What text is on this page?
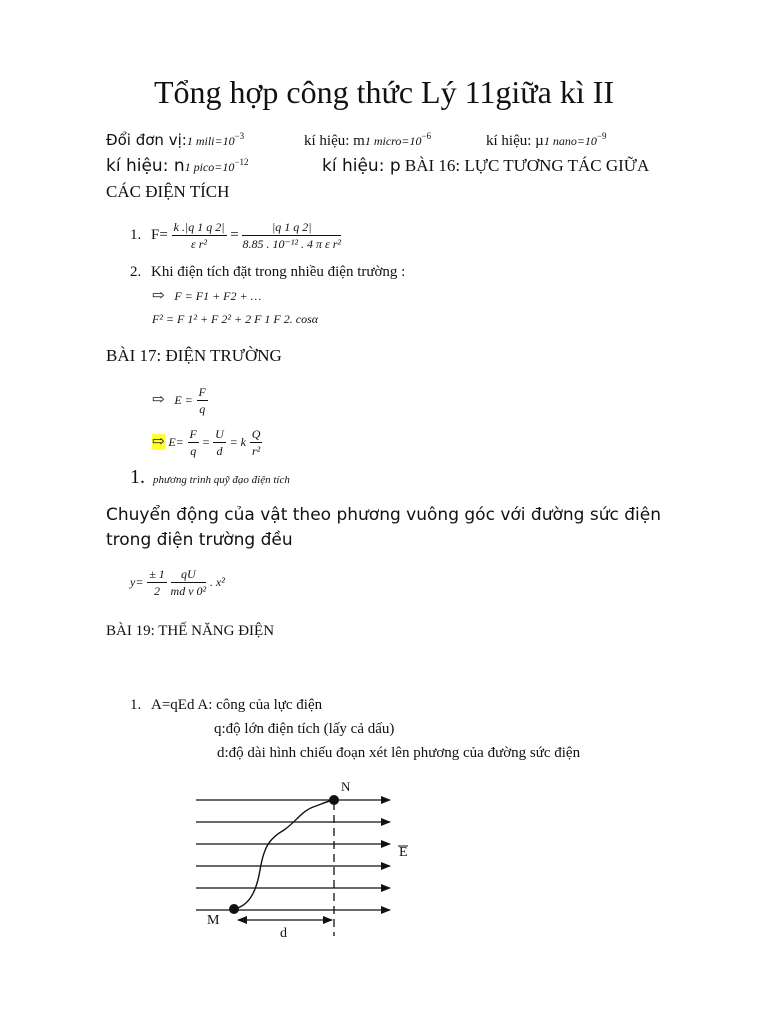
Tổng hợp công thức Lý 11giữa kì II
Đổi đơn vị:1 $mili=10^{-3}$	kí hiệu: m1 $micro=10^{-6}$	kí hiệu: µ1 $nano=10^{-9}$
kí hiệu: n1 $pico=10^{-12}$	kí hiệu: p BÀI 16: LỰC TƯƠNG TÁC GIỮA
CÁC ĐIỆN TÍCH
1. $F= \frac{k .|q 1 q 2|}{\text{ε r²}} = \frac{|q 1 q 2|}{\text{8.85 . 10⁻¹² . 4 π ε r²}}$
2. Khi điện tích đặt trong nhiều điện trường :
⇨ F = F1 + F2 + …
F² = F 1² + F 2² + 2 F 1 F 2. cosα
BÀI 17: ĐIỆN TRƯỜNG
⇨ $E = \frac{F}{q}$
⇨ $E= \frac{F}{q} = \frac{U}{d} = k \frac{Q}{\text{r²}}$
1. phương trình quỹ đạo điện tích
Chuyển động của vật theo phương vuông góc với đường sức điện
trong điện trường đều
$y= \frac{\pm 1}{2}$
$\frac{qU}{\text{md v 0²}}$ . x²
BÀI 19: THẾ NĂNG ĐIỆN
1. A=qEd A: công của lực điện
q:độ lớn điện tích (lấy cả dấu)
d:độ dài hình chiếu đoạn xét lên phương của đường sức điện
N
M
E
d
